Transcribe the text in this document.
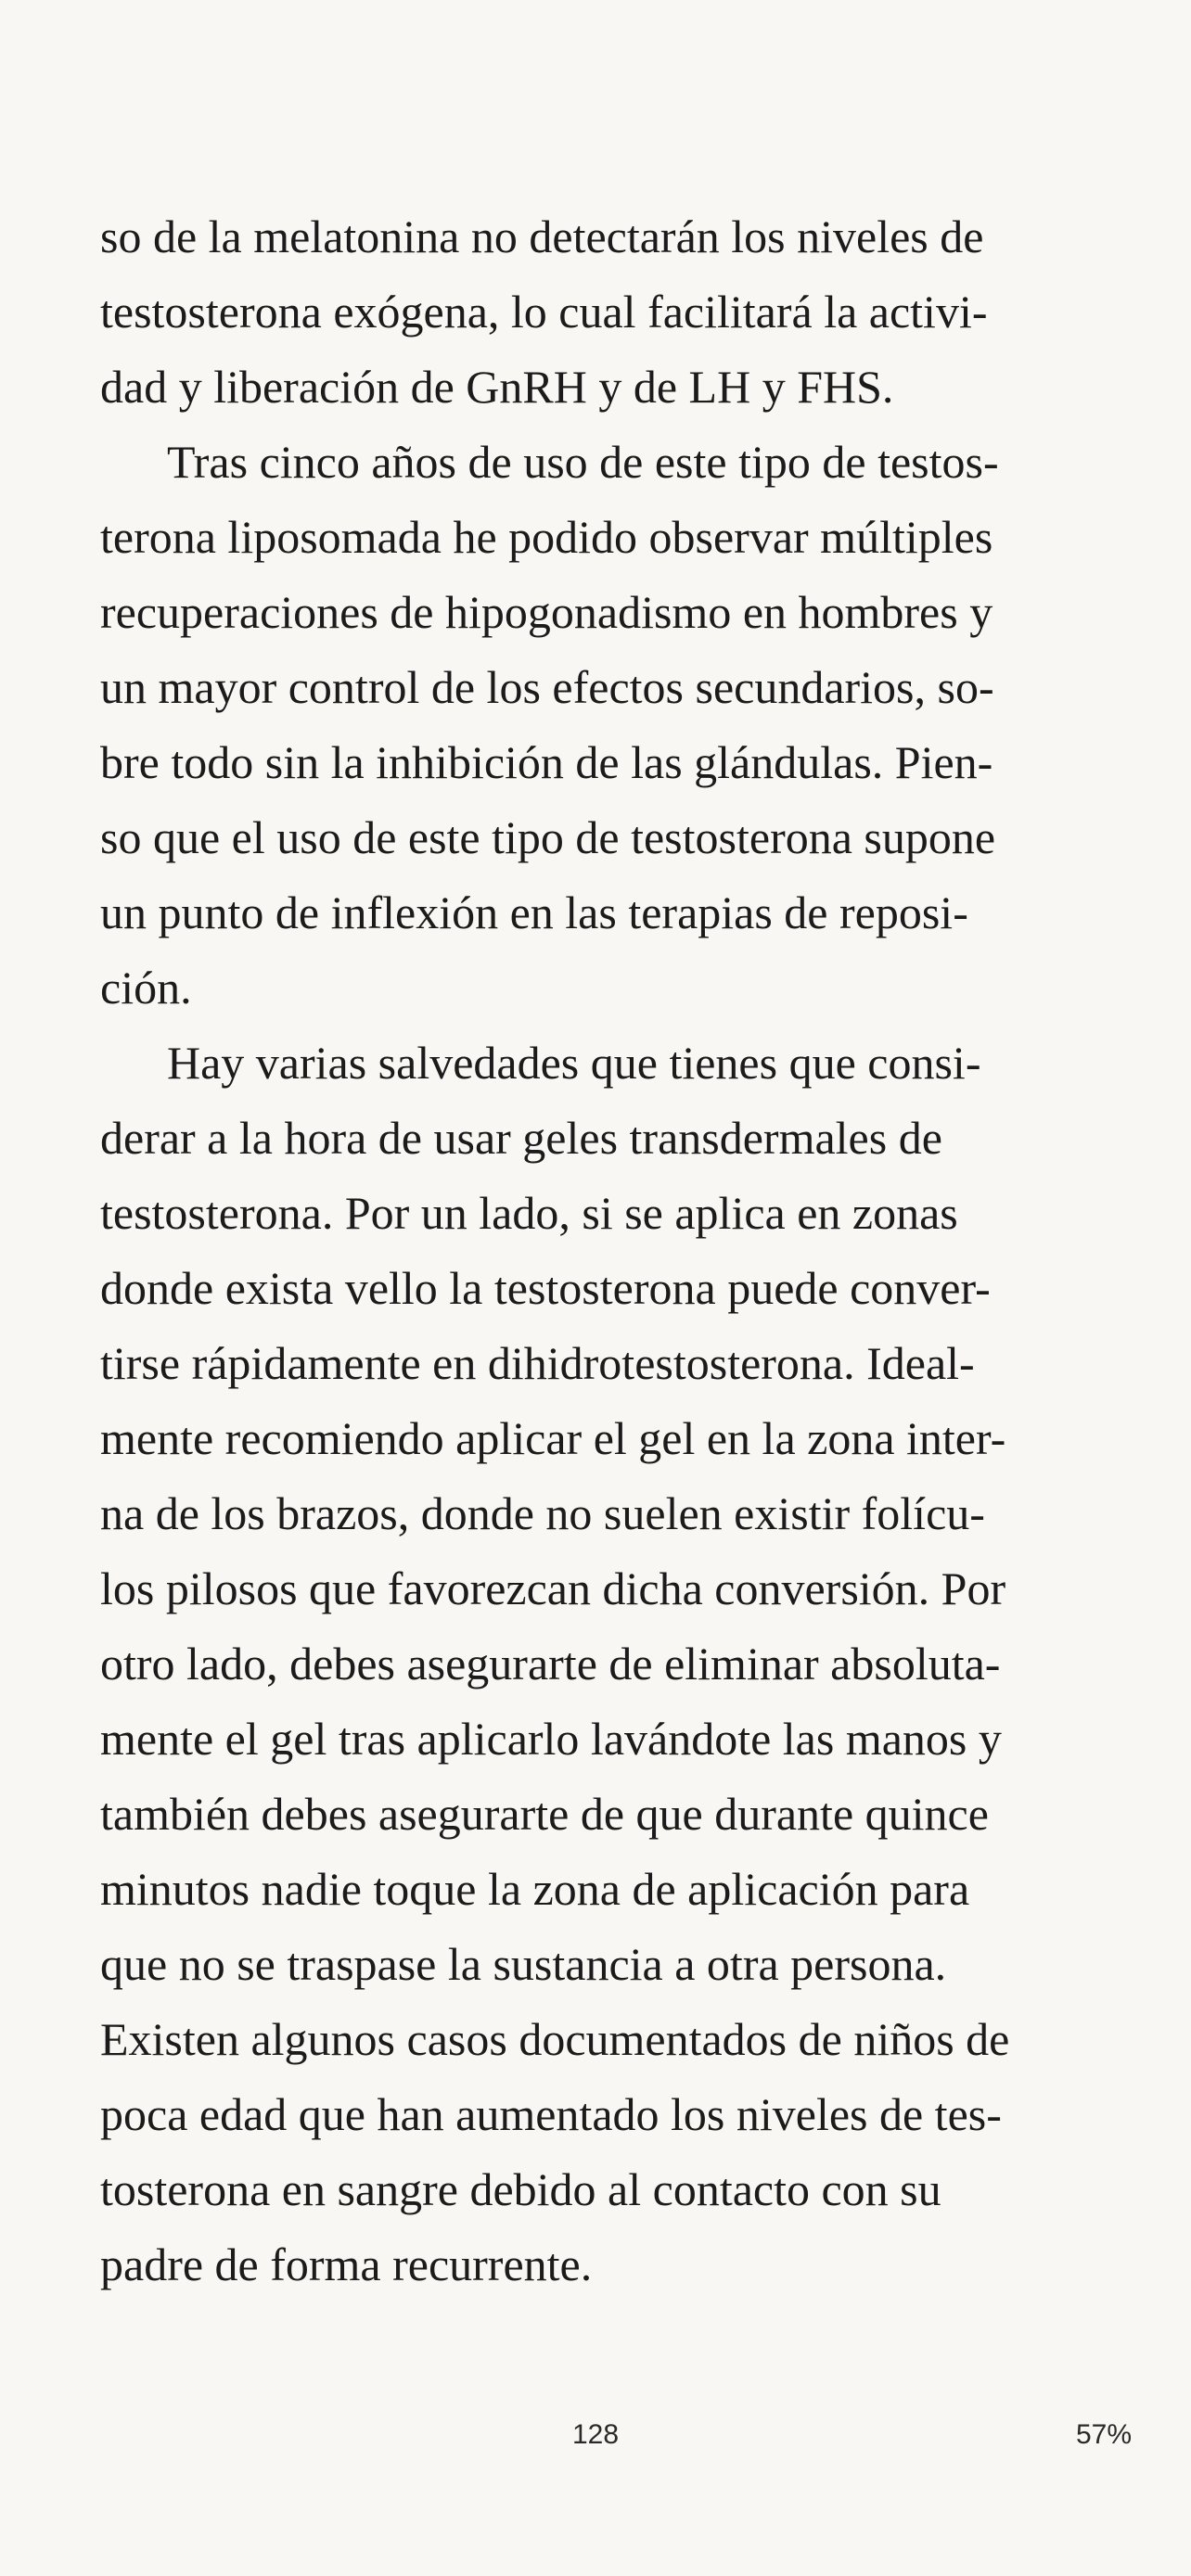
so de la melatonina no detectarán los niveles de
testosterona exógena, lo cual facilitará la activi-
dad y liberación de GnRH y de LH y FHS.
Tras cinco años de uso de este tipo de testos-
terona liposomada he podido observar múltiples
recuperaciones de hipogonadismo en hombres y
un mayor control de los efectos secundarios, so-
bre todo sin la inhibición de las glándulas. Pien-
so que el uso de este tipo de testosterona supone
un punto de inflexión en las terapias de reposi-
ción.
Hay varias salvedades que tienes que consi-
derar a la hora de usar geles transdermales de
testosterona. Por un lado, si se aplica en zonas
donde exista vello la testosterona puede conver-
tirse rápidamente en dihidrotestosterona. Ideal-
mente recomiendo aplicar el gel en la zona inter-
na de los brazos, donde no suelen existir folícu-
los pilosos que favorezcan dicha conversión. Por
otro lado, debes asegurarte de eliminar absoluta-
mente el gel tras aplicarlo lavándote las manos y
también debes asegurarte de que durante quince
minutos nadie toque la zona de aplicación para
que no se traspase la sustancia a otra persona.
Existen algunos casos documentados de niños de
poca edad que han aumentado los niveles de tes-
tosterona en sangre debido al contacto con su
padre de forma recurrente.
128	57%
